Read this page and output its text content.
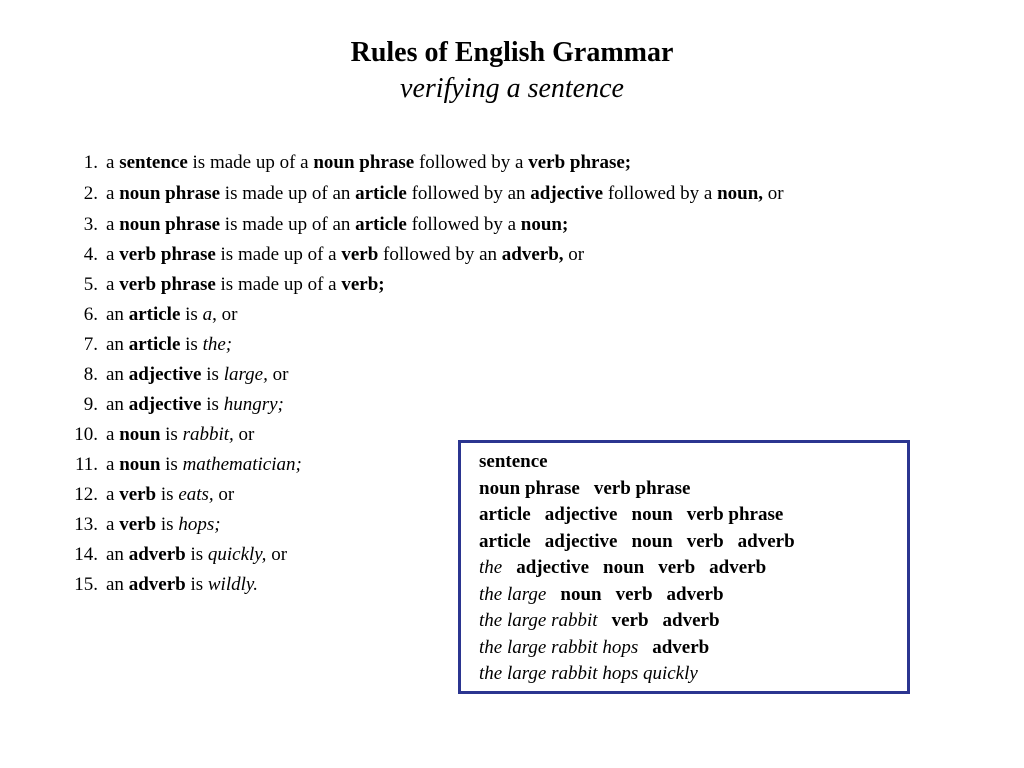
Rules of English Grammar
verifying a sentence
1. a sentence is made up of a noun phrase followed by a verb phrase;
2. a noun phrase is made up of an article followed by an adjective followed by a noun, or
3. a noun phrase is made up of an article followed by a noun;
4. a verb phrase is made up of a verb followed by an adverb, or
5. a verb phrase is made up of a verb;
6. an article is a, or
7. an article is the;
8. an adjective is large, or
9. an adjective is hungry;
10. a noun is rabbit, or
11. a noun is mathematician;
12. a verb is eats, or
13. a verb is hops;
14. an adverb is quickly, or
15. an adverb is wildly.
sentence
noun phrase verb phrase
article adjective noun verb phrase
article adjective noun verb adverb
the adjective noun verb adverb
the large noun verb adverb
the large rabbit verb adverb
the large rabbit hops adverb
the large rabbit hops quickly
